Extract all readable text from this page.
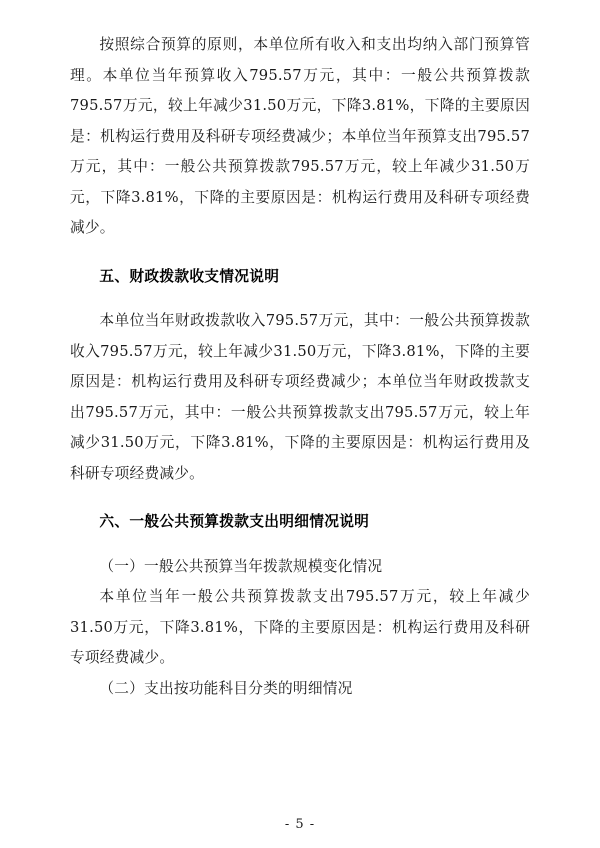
按照综合预算的原则，本单位所有收入和支出均纳入部门预算管理。本单位当年预算收入795.57万元，其中：一般公共预算拨款795.57万元，较上年减少31.50万元，下降3.81%，下降的主要原因是：机构运行费用及科研专项经费减少；本单位当年预算支出795.57万元，其中：一般公共预算拨款795.57万元，较上年减少31.50万元，下降3.81%，下降的主要原因是：机构运行费用及科研专项经费减少。

五、财政拨款收支情况说明

本单位当年财政拨款收入795.57万元，其中：一般公共预算拨款收入795.57万元，较上年减少31.50万元，下降3.81%，下降的主要原因是：机构运行费用及科研专项经费减少；本单位当年财政拨款支出795.57万元，其中：一般公共预算拨款支出795.57万元，较上年减少31.50万元，下降3.81%，下降的主要原因是：机构运行费用及科研专项经费减少。

六、一般公共预算拨款支出明细情况说明

（一）一般公共预算当年拨款规模变化情况

本单位当年一般公共预算拨款支出795.57万元，较上年减少31.50万元，下降3.81%，下降的主要原因是：机构运行费用及科研专项经费减少。

（二）支出按功能科目分类的明细情况

- 5 -
